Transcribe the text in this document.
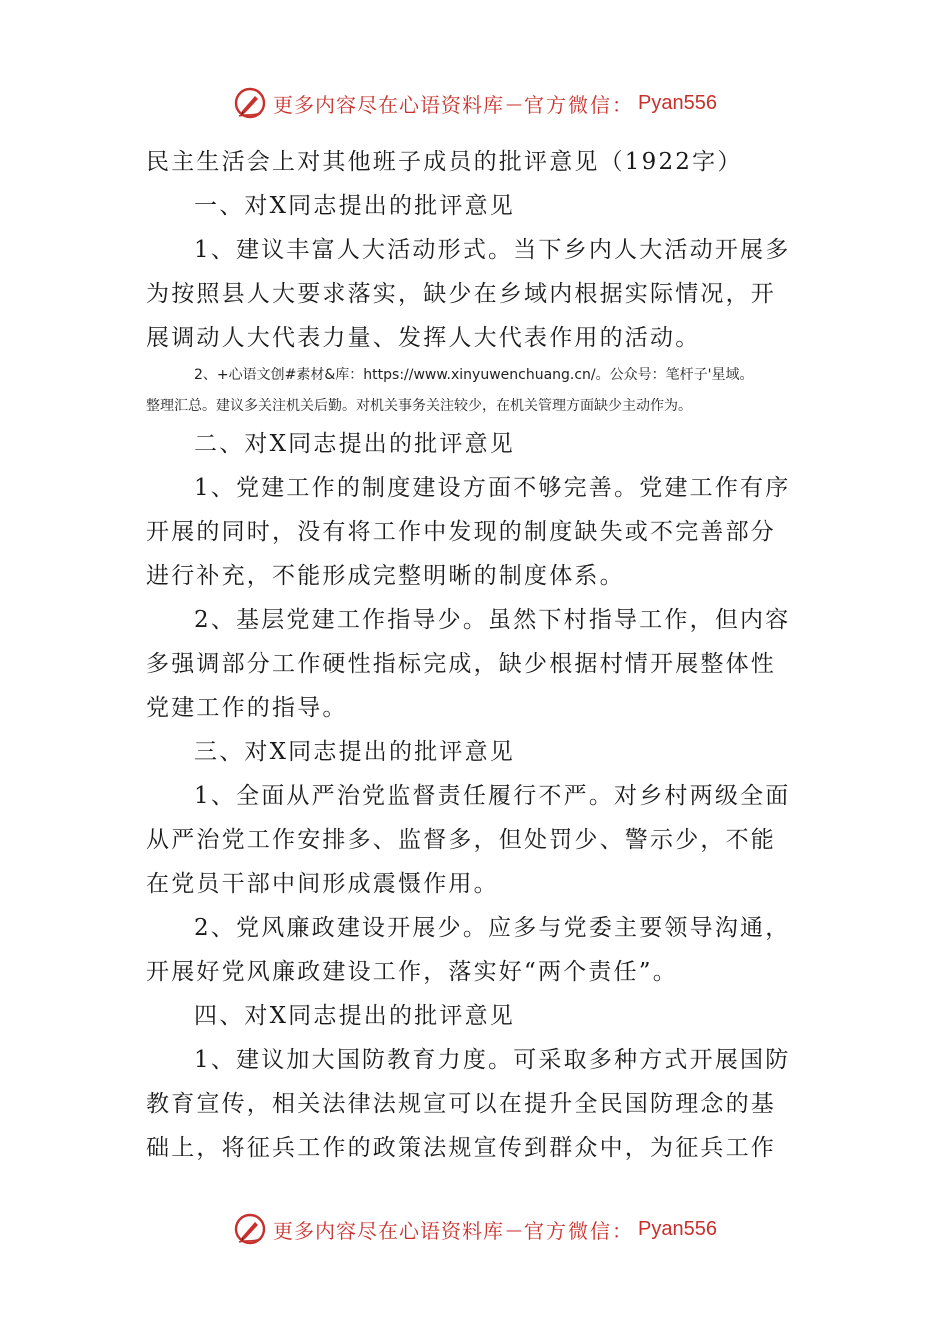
更多内容尽在心语资料库 — 官方微信： Pyan556
民主生活会上对其他班子成员的批评意见（1922字）
一、对X同志提出的批评意见
1、建议丰富人大活动形式。当下乡内人大活动开展多
为按照县人大要求落实，缺少在乡域内根据实际情况，开
展调动人大代表力量、发挥人大代表作用的活动。
2、+心语文创#素材&库：https://www.xinyuwenchuang.cn/。公众号：笔杆子'星域。
整理汇总。建议多关注机关后勤。对机关事务关注较少，在机关管理方面缺少主动作为。
二、对X同志提出的批评意见
1、党建工作的制度建设方面不够完善。党建工作有序
开展的同时，没有将工作中发现的制度缺失或不完善部分
进行补充，不能形成完整明晰的制度体系。
2、基层党建工作指导少。虽然下村指导工作，但内容
多强调部分工作硬性指标完成，缺少根据村情开展整体性
党建工作的指导。
三、对X同志提出的批评意见
1、全面从严治党监督责任履行不严。对乡村两级全面
从严治党工作安排多、监督多，但处罚少、警示少，不能
在党员干部中间形成震慑作用。
2、党风廉政建设开展少。应多与党委主要领导沟通，
开展好党风廉政建设工作，落实好“两个责任”。
四、对X同志提出的批评意见
1、建议加大国防教育力度。可采取多种方式开展国防
教育宣传，相关法律法规宣可以在提升全民国防理念的基
础上，将征兵工作的政策法规宣传到群众中，为征兵工作
更多内容尽在心语资料库 — 官方微信： Pyan556
